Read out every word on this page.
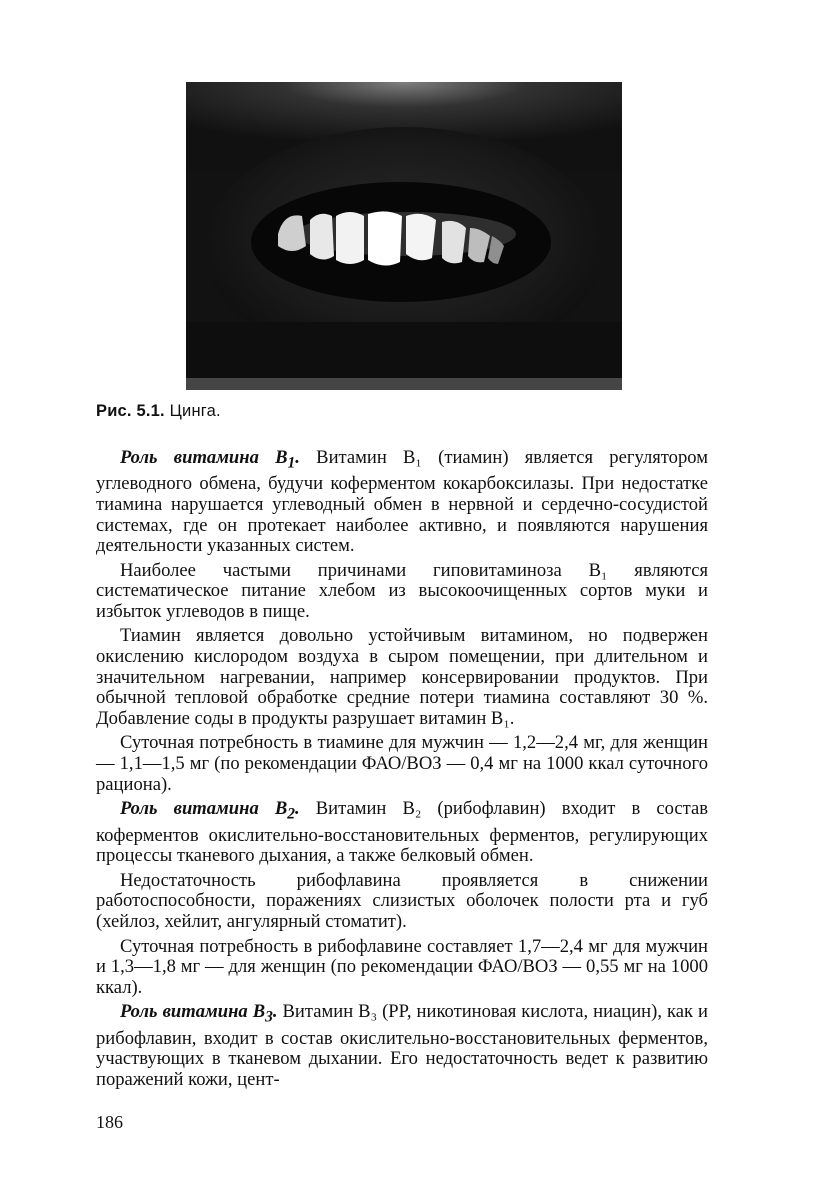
Рис. 5.1. Цинга.

Роль витамина $B_1$. Витамин B₁ (тиамин) является регулятором углеводного обмена, будучи коферментом кокарбоксилазы. При недостатке тиамина нарушается углеводный обмен в нервной и сердечно-сосудистой системах, где он протекает наиболее активно, и появляются нарушения деятельности указанных систем.

Наиболее частыми причинами гиповитаминоза B₁ являются систематическое питание хлебом из высокоочищенных сортов муки и избыток углеводов в пище.

Тиамин является довольно устойчивым витамином, но подвержен окислению кислородом воздуха в сыром помещении, при длительном и значительном нагревании, например консервировании продуктов. При обычной тепловой обработке средние потери тиамина составляют 30 %. Добавление соды в продукты разрушает витамин B₁.

Суточная потребность в тиамине для мужчин — 1,2—2,4 мг, для женщин — 1,1—1,5 мг (по рекомендации ФАО/ВОЗ — 0,4 мг на 1000 ккал суточного рациона).

Роль витамина $B_2$. Витамин B₂ (рибофлавин) входит в состав коферментов окислительно-восстановительных ферментов, регулирующих процессы тканевого дыхания, а также белковый обмен.

Недостаточность рибофлавина проявляется в снижении работоспособности, поражениях слизистых оболочек полости рта и губ (хейлоз, хейлит, ангулярный стоматит).

Суточная потребность в рибофлавине составляет 1,7—2,4 мг для мужчин и 1,3—1,8 мг — для женщин (по рекомендации ФАО/ВОЗ — 0,55 мг на 1000 ккал).

Роль витамина $B_3$. Витамин B₃ (PP, никотиновая кислота, ниацин), как и рибофлавин, входит в состав окислительно-восстановительных ферментов, участвующих в тканевом дыхании. Его недостаточность ведет к развитию поражений кожи, цент-

186
